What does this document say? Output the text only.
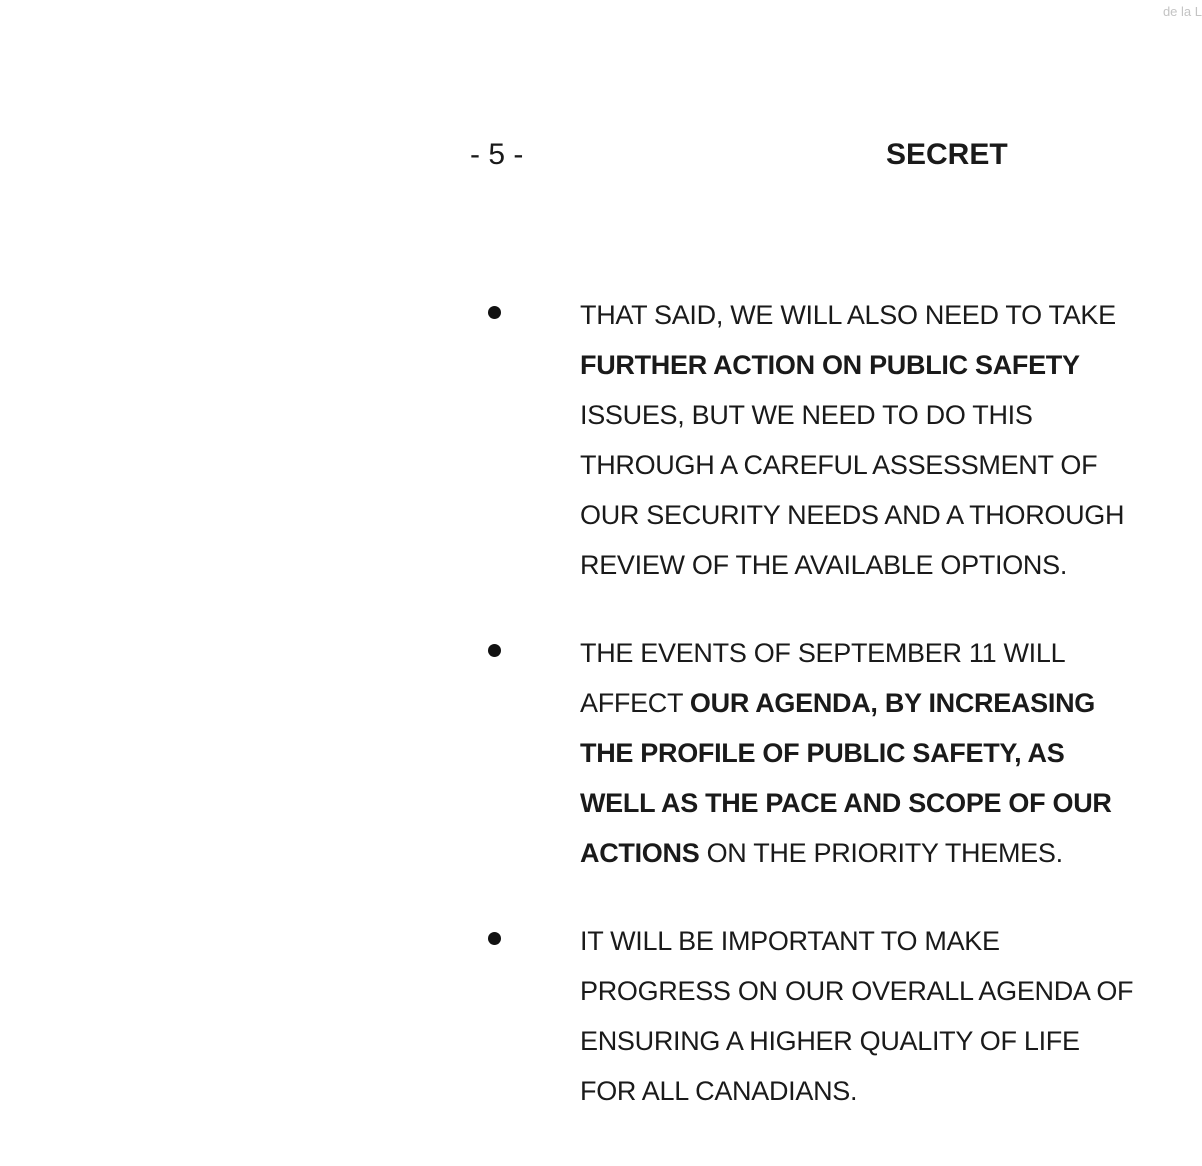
de la L
- 5 -	SECRET
THAT SAID, WE WILL ALSO NEED TO TAKE
FURTHER ACTION ON PUBLIC SAFETY
ISSUES, BUT WE NEED TO DO THIS
THROUGH A CAREFUL ASSESSMENT OF
OUR SECURITY NEEDS AND A THOROUGH
REVIEW OF THE AVAILABLE OPTIONS.
THE EVENTS OF SEPTEMBER 11 WILL
AFFECT OUR AGENDA, BY INCREASING
THE PROFILE OF PUBLIC SAFETY, AS
WELL AS THE PACE AND SCOPE OF OUR
ACTIONS ON THE PRIORITY THEMES.
IT WILL BE IMPORTANT TO MAKE
PROGRESS ON OUR OVERALL AGENDA OF
ENSURING A HIGHER QUALITY OF LIFE
FOR ALL CANADIANS.
